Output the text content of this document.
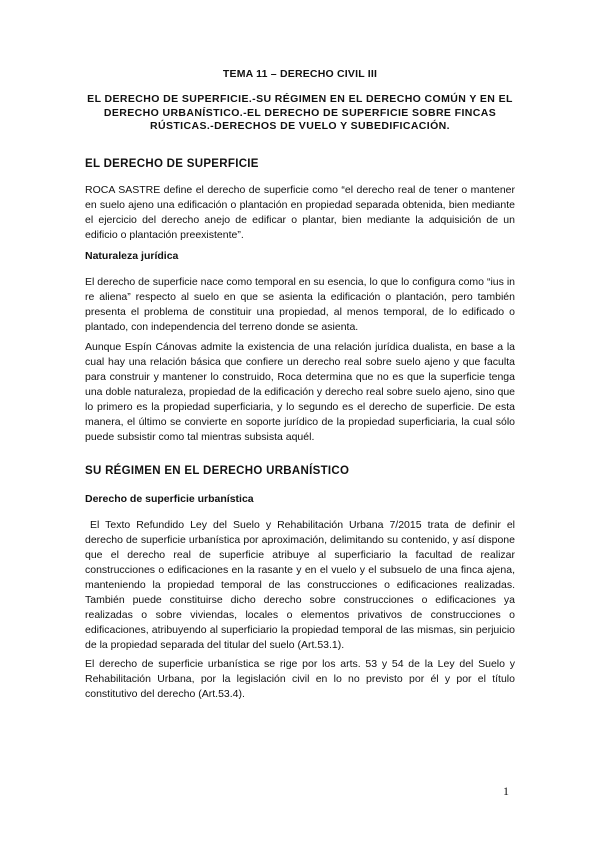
TEMA 11 – DERECHO CIVIL III

EL DERECHO DE SUPERFICIE.-SU RÉGIMEN EN EL DERECHO COMÚN Y EN EL DERECHO URBANÍSTICO.-EL DERECHO DE SUPERFICIE SOBRE FINCAS RÚSTICAS.-DERECHOS DE VUELO Y SUBEDIFICACIÓN.

EL DERECHO DE SUPERFICIE

ROCA SASTRE define el derecho de superficie como “el derecho real de tener o mantener en suelo ajeno una edificación o plantación en propiedad separada obtenida, bien mediante el ejercicio del derecho anejo de edificar o plantar, bien mediante la adquisición de un edificio o plantación preexistente”.

Naturaleza jurídica

El derecho de superficie nace como temporal en su esencia, lo que lo configura como “ius in re aliena” respecto al suelo en que se asienta la edificación o plantación, pero también presenta el problema de constituir una propiedad, al menos temporal, de lo edificado o plantado, con independencia del terreno donde se asienta.

Aunque Espín Cánovas admite la existencia de una relación jurídica dualista, en base a la cual hay una relación básica que confiere un derecho real sobre suelo ajeno y que faculta para construir y mantener lo construido, Roca determina que no es que la superficie tenga una doble naturaleza, propiedad de la edificación y derecho real sobre suelo ajeno, sino que lo primero es la propiedad superficiaria, y lo segundo es el derecho de superficie. De esta manera, el último se convierte en soporte jurídico de la propiedad superficiaria, la cual sólo puede subsistir como tal mientras subsista aquél.

SU RÉGIMEN EN EL DERECHO URBANÍSTICO

Derecho de superficie urbanística

El Texto Refundido Ley del Suelo y Rehabilitación Urbana 7/2015 trata de definir el derecho de superficie urbanística por aproximación, delimitando su contenido, y así dispone que el derecho real de superficie atribuye al superficiario la facultad de realizar construcciones o edificaciones en la rasante y en el vuelo y el subsuelo de una finca ajena, manteniendo la propiedad temporal de las construcciones o edificaciones realizadas. También puede constituirse dicho derecho sobre construcciones o edificaciones ya realizadas o sobre viviendas, locales o elementos privativos de construcciones o edificaciones, atribuyendo al superficiario la propiedad temporal de las mismas, sin perjuicio de la propiedad separada del titular del suelo (Art.53.1).

El derecho de superficie urbanística se rige por los arts. 53 y 54 de la Ley del Suelo y Rehabilitación Urbana, por la legislación civil en lo no previsto por él y por el título constitutivo del derecho (Art.53.4).

1
